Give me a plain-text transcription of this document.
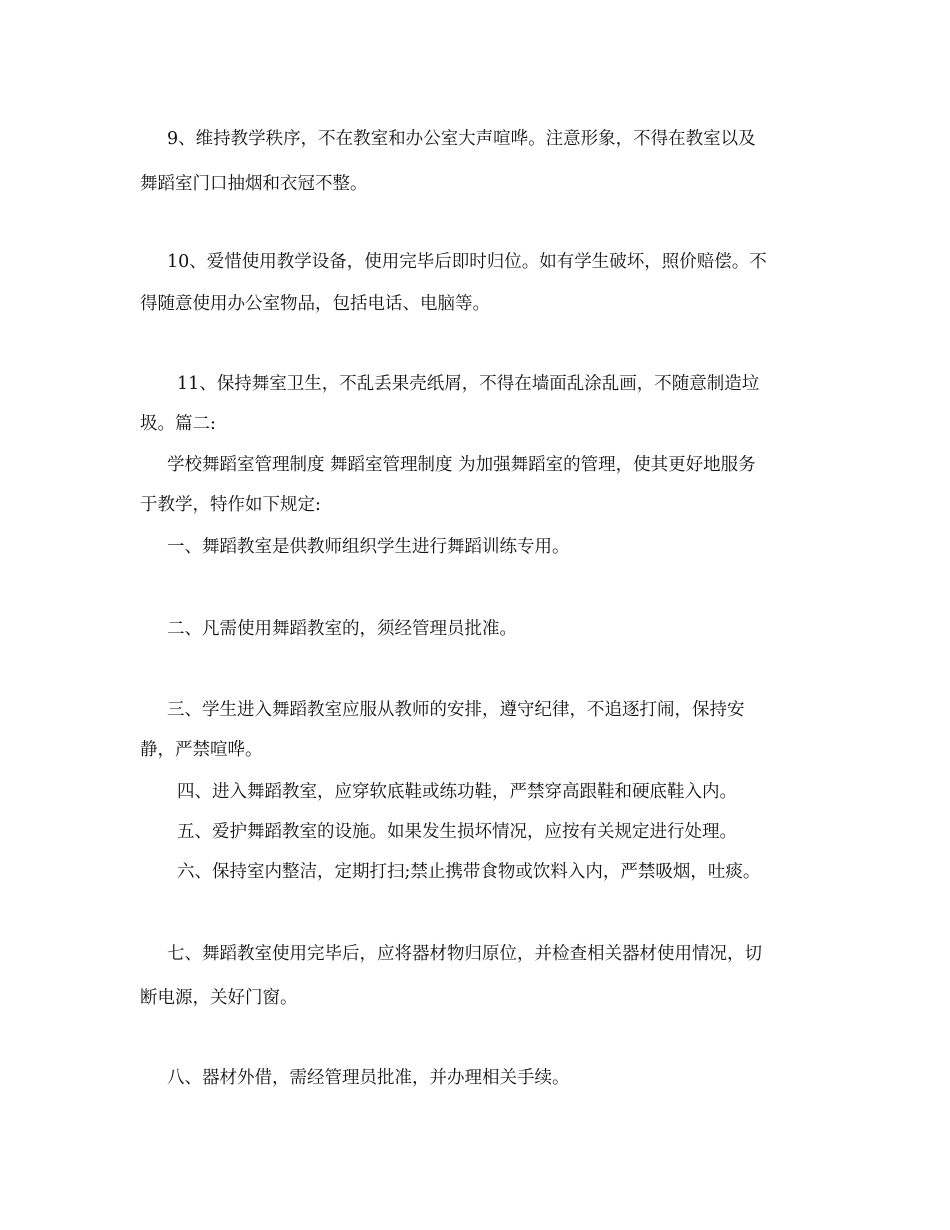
9、维持教学秩序，不在教室和办公室大声喧哗。注意形象，不得在教室以及
舞蹈室门口抽烟和衣冠不整。
10、爱惜使用教学设备，使用完毕后即时归位。如有学生破坏，照价赔偿。不
得随意使用办公室物品，包括电话、电脑等。
11、保持舞室卫生，不乱丢果壳纸屑，不得在墙面乱涂乱画，不随意制造垃
圾。篇二:
学校舞蹈室管理制度 舞蹈室管理制度 为加强舞蹈室的管理，使其更好地服务
于教学，特作如下规定:
一、舞蹈教室是供教师组织学生进行舞蹈训练专用。
二、凡需使用舞蹈教室的，须经管理员批准。
三、学生进入舞蹈教室应服从教师的安排，遵守纪律，不追逐打闹，保持安
静，严禁喧哗。
四、进入舞蹈教室，应穿软底鞋或练功鞋，严禁穿高跟鞋和硬底鞋入内。
五、爱护舞蹈教室的设施。如果发生损坏情况，应按有关规定进行处理。
六、保持室内整洁，定期打扫;禁止携带食物或饮料入内，严禁吸烟，吐痰。
七、舞蹈教室使用完毕后，应将器材物归原位，并检查相关器材使用情况，切
断电源，关好门窗。
八、器材外借，需经管理员批准，并办理相关手续。
